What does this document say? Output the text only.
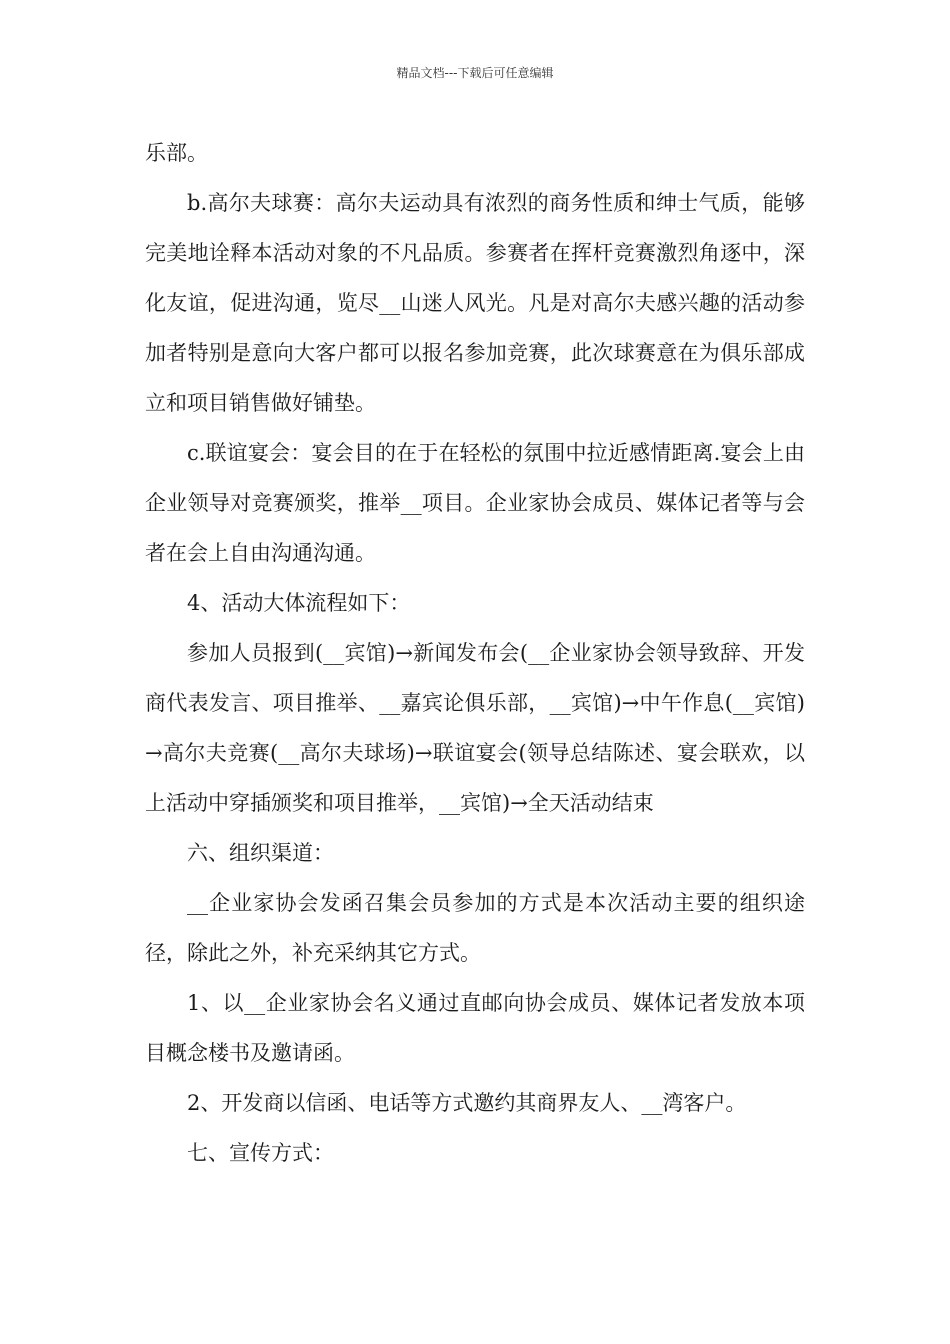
精品文档---下载后可任意编辑

乐部。

b.高尔夫球赛：高尔夫运动具有浓烈的商务性质和绅士气质，能够完美地诠释本活动对象的不凡品质。参赛者在挥杆竞赛激烈角逐中，深化友谊，促进沟通，览尽__山迷人风光。凡是对高尔夫感兴趣的活动参加者特别是意向大客户都可以报名参加竞赛，此次球赛意在为俱乐部成立和项目销售做好铺垫。

c.联谊宴会：宴会目的在于在轻松的氛围中拉近感情距离.宴会上由企业领导对竞赛颁奖，推举__项目。企业家协会成员、媒体记者等与会者在会上自由沟通沟通。

4、活动大体流程如下：

参加人员报到(__宾馆)→新闻发布会(__企业家协会领导致辞、开发商代表发言、项目推举、__嘉宾论俱乐部，__宾馆)→中午作息(__宾馆)→高尔夫竞赛(__高尔夫球场)→联谊宴会(领导总结陈述、宴会联欢，以上活动中穿插颁奖和项目推举，__宾馆)→全天活动结束

六、组织渠道：

__企业家协会发函召集会员参加的方式是本次活动主要的组织途径，除此之外，补充采纳其它方式。

1、以__企业家协会名义通过直邮向协会成员、媒体记者发放本项目概念楼书及邀请函。

2、开发商以信函、电话等方式邀约其商界友人、__湾客户。

七、宣传方式：
